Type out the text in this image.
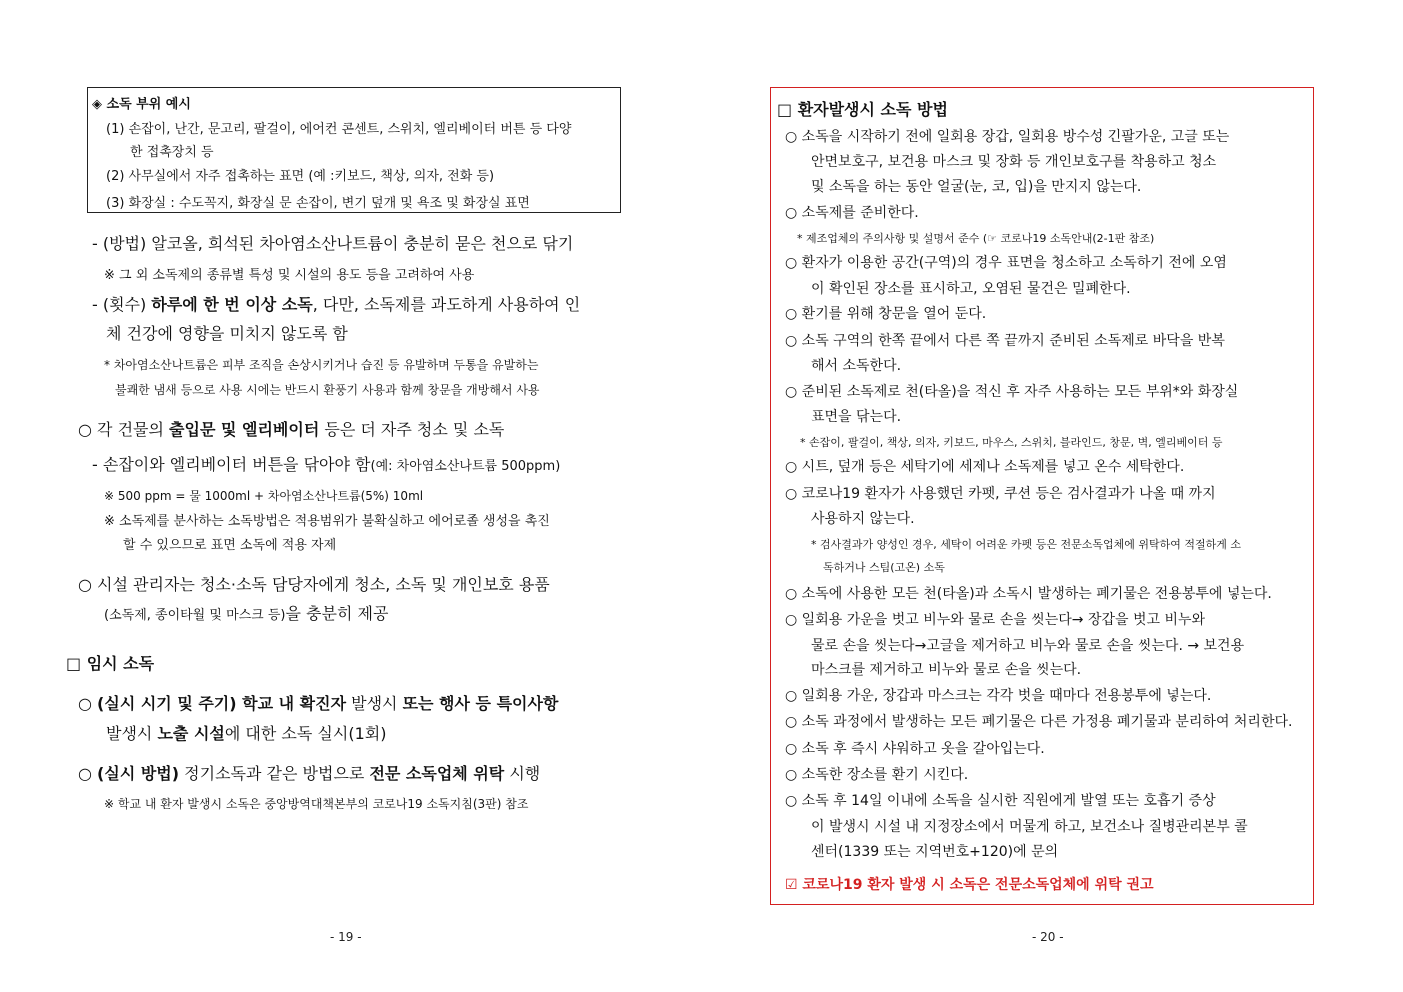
◈ 소독 부위 예시
(1) 손잡이, 난간, 문고리, 팔걸이, 에어컨 콘센트, 스위치, 엘리베이터 버튼 등 다양
한 접촉장치 등
(2) 사무실에서 자주 접촉하는 표면 (예 :키보드, 책상, 의자, 전화 등)
(3) 화장실 : 수도꼭지, 화장실 문 손잡이, 변기 덮개 및 욕조 및 화장실 표면
- (방법) 알코올, 희석된 차아염소산나트륨이 충분히 묻은 천으로 닦기
※ 그 외 소독제의 종류별 특성 및 시설의 용도 등을 고려하여 사용
- (횟수) 하루에 한 번 이상 소독, 다만, 소독제를 과도하게 사용하여 인
체 건강에 영향을 미치지 않도록 함
* 차아염소산나트륨은 피부 조직을 손상시키거나 습진 등 유발하며 두통을 유발하는
불쾌한 냄새 등으로 사용 시에는 반드시 환풍기 사용과 함께 창문을 개방해서 사용
○ 각 건물의 출입문 및 엘리베이터 등은 더 자주 청소 및 소독
- 손잡이와 엘리베이터 버튼을 닦아야 함(예: 차아염소산나트륨 500ppm)
※ 500 ppm = 물 1000ml + 차아염소산나트륨(5%) 10ml
※ 소독제를 분사하는 소독방법은 적용범위가 불확실하고 에어로졸 생성을 촉진
할 수 있으므로 표면 소독에 적용 자제
○ 시설 관리자는 청소·소독 담당자에게 청소, 소독 및 개인보호 용품
(소독제, 종이타월 및 마스크 등)을 충분히 제공
□ 임시 소독
○ (실시 시기 및 주기) 학교 내 확진자 발생시 또는 행사 등 특이사항
발생시 노출 시설에 대한 소독 실시(1회)
○ (실시 방법) 정기소독과 같은 방법으로 전문 소독업체 위탁 시행
※ 학교 내 환자 발생시 소독은 중앙방역대책본부의 코로나19 소독지침(3판) 참조
- 19 -
□ 환자발생시 소독 방법
○ 소독을 시작하기 전에 일회용 장갑, 일회용 방수성 긴팔가운, 고글 또는
안면보호구, 보건용 마스크 및 장화 등 개인보호구를 착용하고 청소
및 소독을 하는 동안 얼굴(눈, 코, 입)을 만지지 않는다.
○ 소독제를 준비한다.
* 제조업체의 주의사항 및 설명서 준수 (☞ 코로나19 소독안내(2-1판 참조)
○ 환자가 이용한 공간(구역)의 경우 표면을 청소하고 소독하기 전에 오염
이 확인된 장소를 표시하고, 오염된 물건은 밀폐한다.
○ 환기를 위해 창문을 열어 둔다.
○ 소독 구역의 한쪽 끝에서 다른 쪽 끝까지 준비된 소독제로 바닥을 반복
해서 소독한다.
○ 준비된 소독제로 천(타올)을 적신 후 자주 사용하는 모든 부위*와 화장실
표면을 닦는다.
* 손잡이, 팔걸이, 책상, 의자, 키보드, 마우스, 스위치, 블라인드, 창문, 벽, 엘리베이터 등
○ 시트, 덮개 등은 세탁기에 세제나 소독제를 넣고 온수 세탁한다.
○ 코로나19 환자가 사용했던 카펫, 쿠션 등은 검사결과가 나올 때 까지
사용하지 않는다.
* 검사결과가 양성인 경우, 세탁이 어려운 카펫 등은 전문소독업체에 위탁하여 적절하게 소
독하거나 스팀(고온) 소독
○ 소독에 사용한 모든 천(타올)과 소독시 발생하는 폐기물은 전용봉투에 넣는다.
○ 일회용 가운을 벗고 비누와 물로 손을 씻는다→ 장갑을 벗고 비누와
물로 손을 씻는다→고글을 제거하고 비누와 물로 손을 씻는다. → 보건용
마스크를 제거하고 비누와 물로 손을 씻는다.
○ 일회용 가운, 장갑과 마스크는 각각 벗을 때마다 전용봉투에 넣는다.
○ 소독 과정에서 발생하는 모든 폐기물은 다른 가정용 폐기물과 분리하여 처리한다.
○ 소독 후 즉시 샤워하고 옷을 갈아입는다.
○ 소독한 장소를 환기 시킨다.
○ 소독 후 14일 이내에 소독을 실시한 직원에게 발열 또는 호흡기 증상
이 발생시 시설 내 지정장소에서 머물게 하고, 보건소나 질병관리본부 콜
센터(1339 또는 지역번호+120)에 문의
☑ 코로나19 환자 발생 시 소독은 전문소독업체에 위탁 권고
- 20 -
